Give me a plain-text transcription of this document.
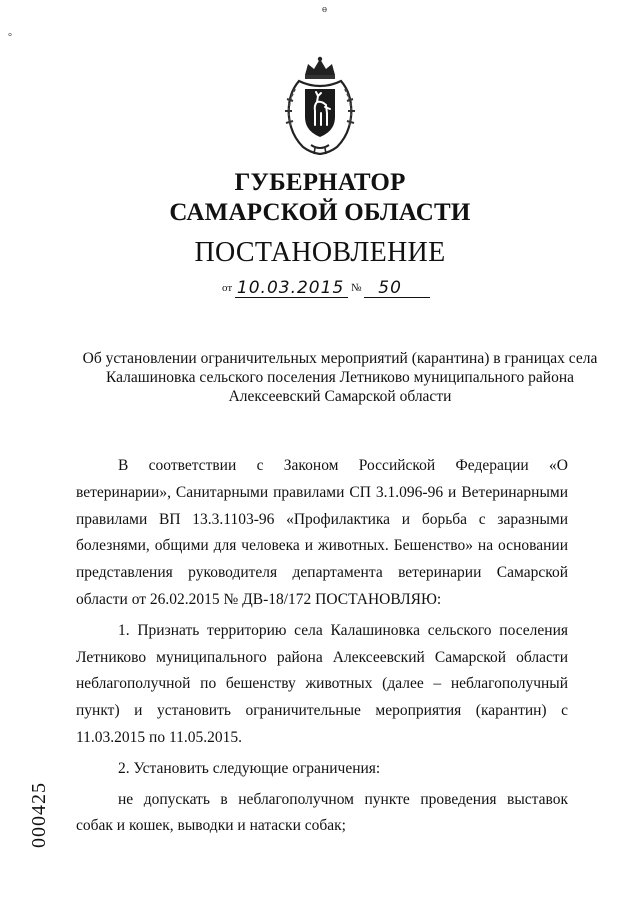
ɵ
°
ГУБЕРНАТОР
САМАРСКОЙ ОБЛАСТИ
ПОСТАНОВЛЕНИЕ
от 10.03.2015 № 50
Об установлении ограничительных мероприятий (карантина) в границах села Калашиновка сельского поселения Летниково муниципального района Алексеевский Самарской области

В соответствии с Законом Российской Федерации «О ветеринарии», Санитарными правилами СП 3.1.096-96 и Ветеринарными правилами ВП 13.3.1103-96 «Профилактика и борьба с заразными болезнями, общими для человека и животных. Бешенство» на основании представления руководителя департамента ветеринарии Самарской области от 26.02.2015 № ДВ-18/172 ПОСТАНОВЛЯЮ:

1. Признать территорию села Калашиновка сельского поселения Летниково муниципального района Алексеевский Самарской области неблагополучной по бешенству животных (далее – неблагополучный пункт) и установить ограничительные мероприятия (карантин) с 11.03.2015 по 11.05.2015.

2. Установить следующие ограничения:

не допускать в неблагополучном пункте проведения выставок собак и кошек, выводки и натаски собак;

000425
